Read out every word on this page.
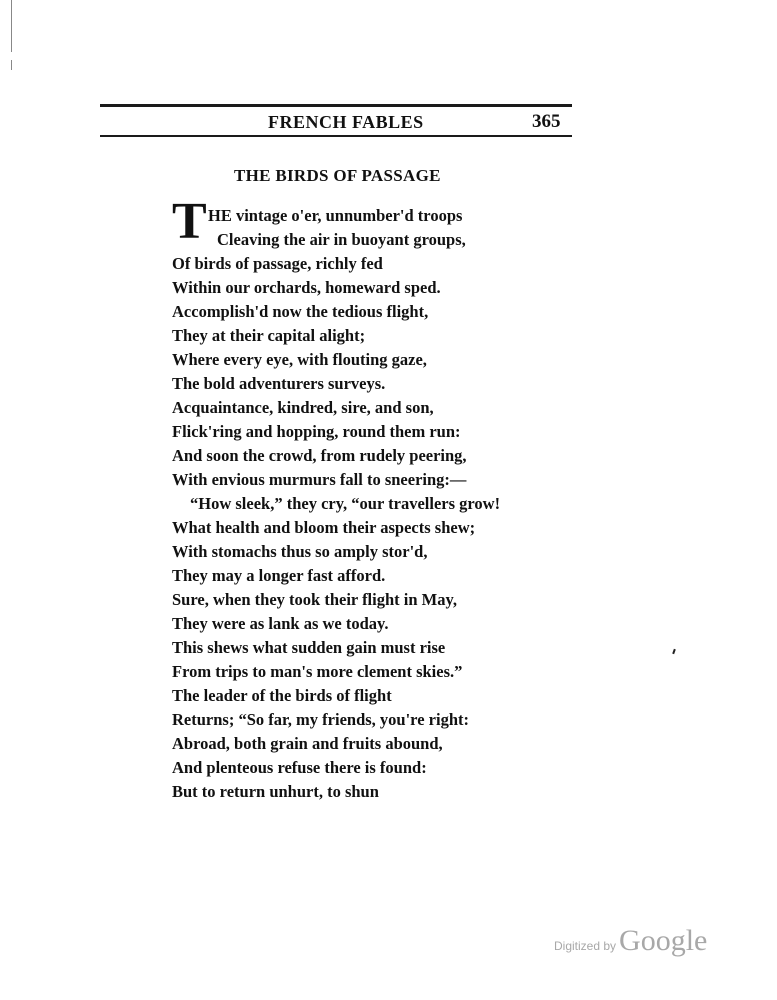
FRENCH FABLES	365
THE BIRDS OF PASSAGE
T HE vintage o'er, unnumber'd troops
Cleaving the air in buoyant groups,
Of birds of passage, richly fed
Within our orchards, homeward sped.
Accomplish'd now the tedious flight,
They at their capital alight;
Where every eye, with flouting gaze,
The bold adventurers surveys.
Acquaintance, kindred, sire, and son,
Flick'ring and hopping, round them run:
And soon the crowd, from rudely peering,
With envious murmurs fall to sneering:—
“How sleek,” they cry, “our travellers grow!
What health and bloom their aspects shew;
With stomachs thus so amply stor'd,
They may a longer fast afford.
Sure, when they took their flight in May,
They were as lank as we today.
This shews what sudden gain must rise
From trips to man's more clement skies.”
The leader of the birds of flight
Returns; “So far, my friends, you're right:
Abroad, both grain and fruits abound,
And plenteous refuse there is found:
But to return unhurt, to shun
Digitized by Google
